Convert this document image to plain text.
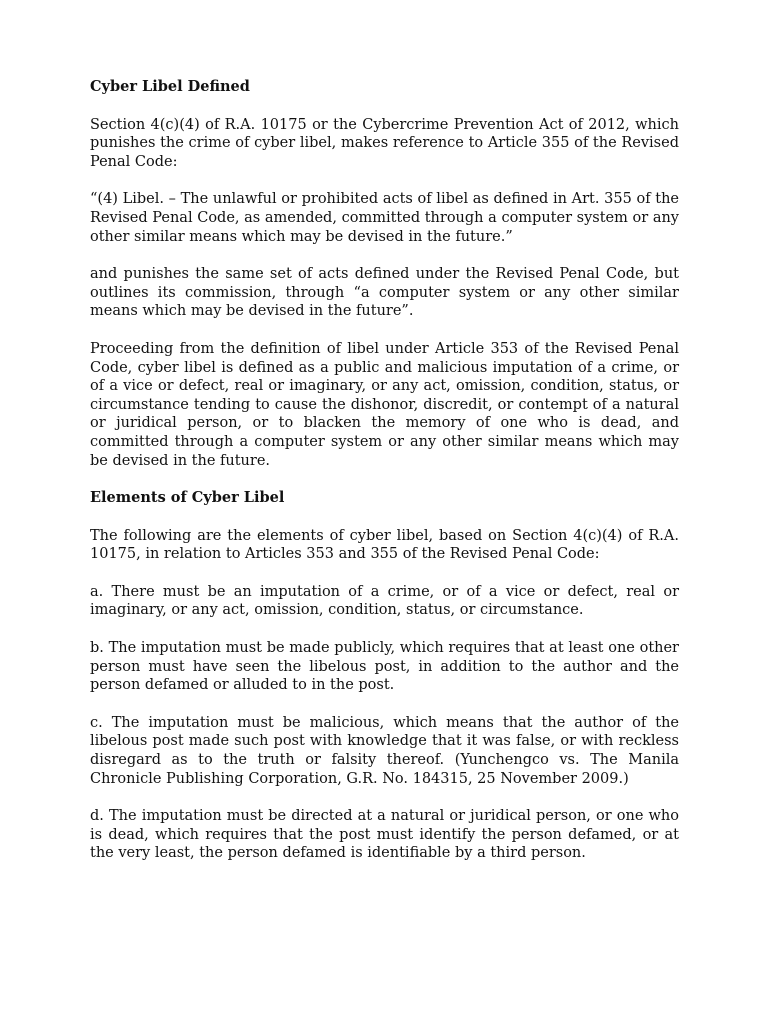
Cyber Libel Defined

Section 4(c)(4) of R.A. 10175 or the Cybercrime Prevention Act of 2012, which punishes the crime of cyber libel, makes reference to Article 355 of the Revised Penal Code:

“(4) Libel. – The unlawful or prohibited acts of libel as defined in Art. 355 of the Revised Penal Code, as amended, committed through a computer system or any other similar means which may be devised in the future.”

and punishes the same set of acts defined under the Revised Penal Code, but outlines its commission, through “a computer system or any other similar means which may be devised in the future”.

Proceeding from the definition of libel under Article 353 of the Revised Penal Code, cyber libel is defined as a public and malicious imputation of a crime, or of a vice or defect, real or imaginary, or any act, omission, condition, status, or circumstance tending to cause the dishonor, discredit, or contempt of a natural or juridical person, or to blacken the memory of one who is dead, and committed through a computer system or any other similar means which may be devised in the future.

Elements of Cyber Libel

The following are the elements of cyber libel, based on Section 4(c)(4) of R.A. 10175, in relation to Articles 353 and 355 of the Revised Penal Code:

a. There must be an imputation of a crime, or of a vice or defect, real or imaginary, or any act, omission, condition, status, or circumstance.

b. The imputation must be made publicly, which requires that at least one other person must have seen the libelous post, in addition to the author and the person defamed or alluded to in the post.

c. The imputation must be malicious, which means that the author of the libelous post made such post with knowledge that it was false, or with reckless disregard as to the truth or falsity thereof. (Yunchengco vs. The Manila Chronicle Publishing Corporation, G.R. No. 184315, 25 November 2009.)

d. The imputation must be directed at a natural or juridical person, or one who is dead, which requires that the post must identify the person defamed, or at the very least, the person defamed is identifiable by a third person.
